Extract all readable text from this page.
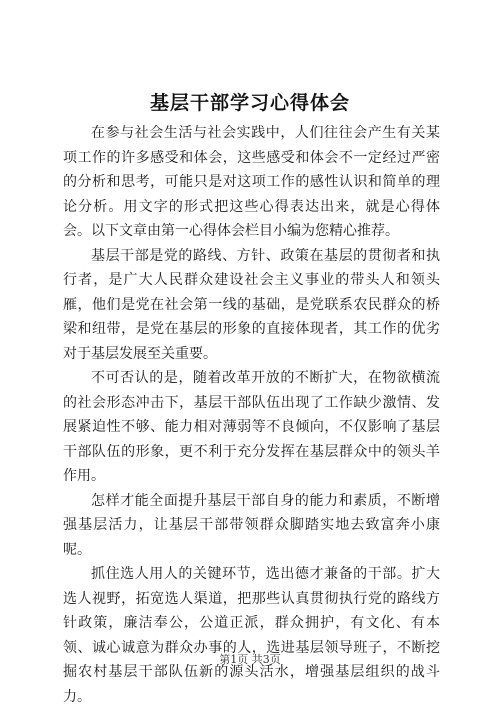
基层干部学习心得体会

在参与社会生活与社会实践中，人们往往会产生有关某项工作的许多感受和体会，这些感受和体会不一定经过严密的分析和思考，可能只是对这项工作的感性认识和简单的理论分析。用文字的形式把这些心得表达出来，就是心得体会。以下文章由第一心得体会栏目小编为您精心推荐。

基层干部是党的路线、方针、政策在基层的贯彻者和执行者，是广大人民群众建设社会主义事业的带头人和领头雁，他们是党在社会第一线的基础，是党联系农民群众的桥梁和纽带，是党在基层的形象的直接体现者，其工作的优劣对于基层发展至关重要。

不可否认的是，随着改革开放的不断扩大，在物欲横流的社会形态冲击下，基层干部队伍出现了工作缺少激情、发展紧迫性不够、能力相对薄弱等不良倾向，不仅影响了基层干部队伍的形象，更不利于充分发挥在基层群众中的领头羊作用。

怎样才能全面提升基层干部自身的能力和素质，不断增强基层活力，让基层干部带领群众脚踏实地去致富奔小康呢。

抓住选人用人的关键环节，选出德才兼备的干部。扩大选人视野，拓宽选人渠道，把那些认真贯彻执行党的路线方针政策，廉洁奉公，公道正派，群众拥护，有文化、有本领、诚心诚意为群众办事的人，选进基层领导班子，不断挖掘农村基层干部队伍新的源头活水，增强基层组织的战斗力。

第1页 共3页
